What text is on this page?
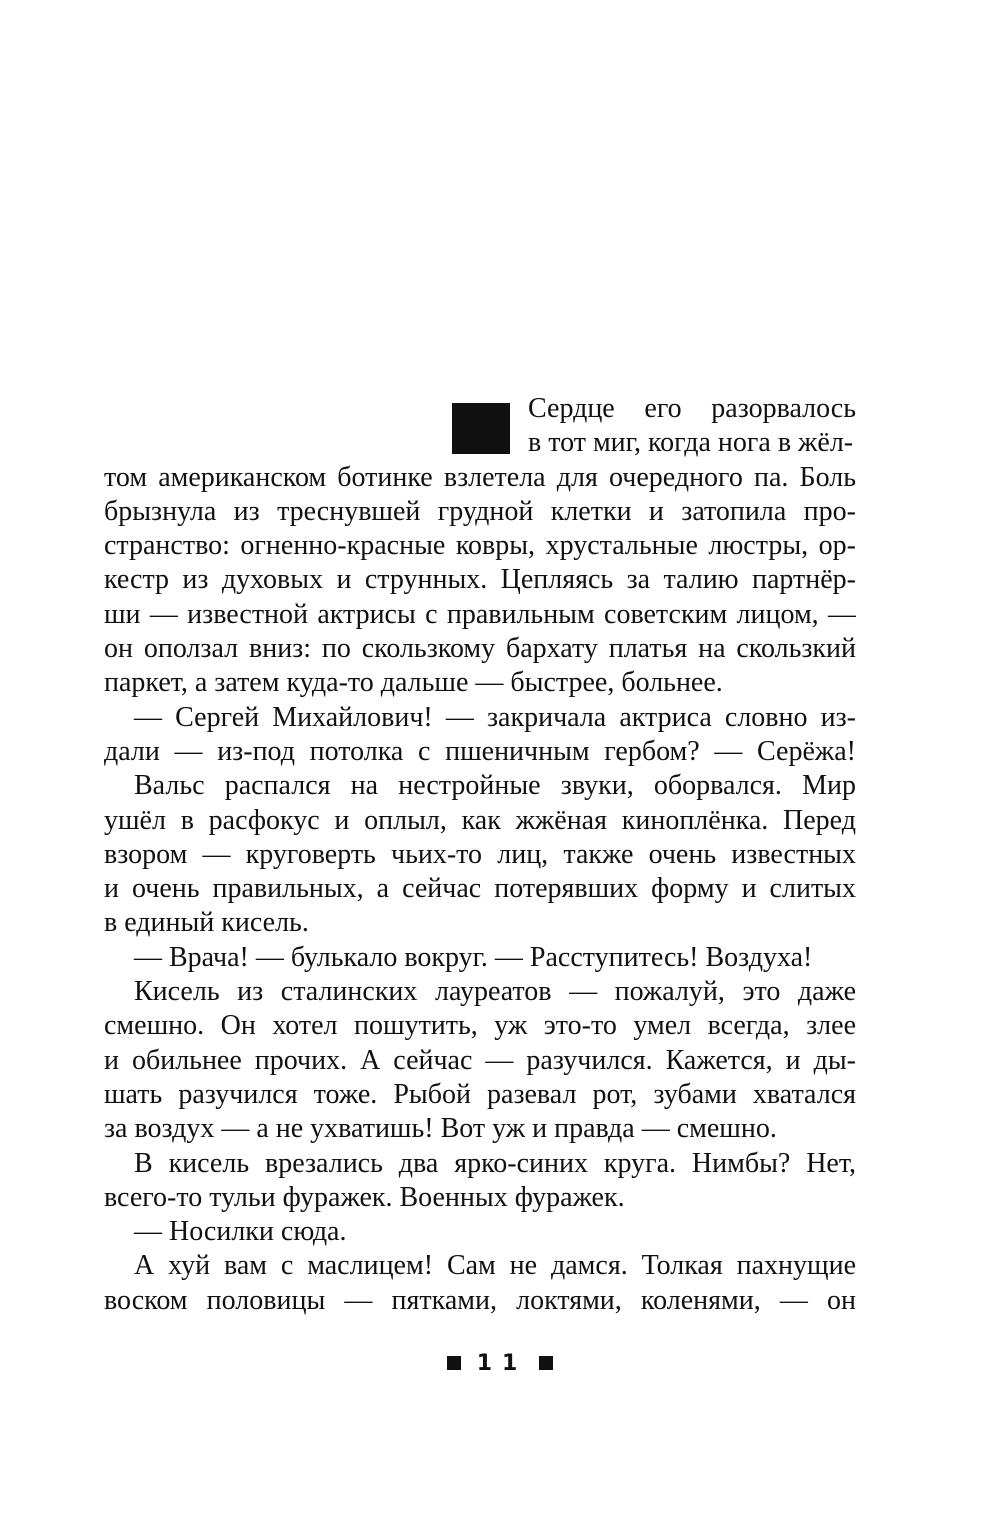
Сердце его разорвалось
в тот миг, когда нога в жёл-
том американском ботинке взлетела для очередного па. Боль
брызнула из треснувшей грудной клетки и затопила про-
странство: огненно-красные ковры, хрустальные люстры, ор-
кестр из духовых и струнных. Цепляясь за талию партнёр-
ши — известной актрисы с правильным советским лицом, —
он оползал вниз: по скользкому бархату платья на скользкий
паркет, а затем куда-то дальше — быстрее, больнее.
— Сергей Михайлович! — закричала актриса словно из-
дали — из-под потолка с пшеничным гербом? — Серёжа!
Вальс распался на нестройные звуки, оборвался. Мир
ушёл в расфокус и оплыл, как жжёная киноплёнка. Перед
взором — круговерть чьих-то лиц, также очень известных
и очень правильных, а сейчас потерявших форму и слитых
в единый кисель.
— Врача! — булькало вокруг. — Расступитесь! Воздуха!
Кисель из сталинских лауреатов — пожалуй, это даже
смешно. Он хотел пошутить, уж это-то умел всегда, злее
и обильнее прочих. А сейчас — разучился. Кажется, и ды-
шать разучился тоже. Рыбой разевал рот, зубами хватался
за воздух — а не ухватишь! Вот уж и правда — смешно.
В кисель врезались два ярко-синих круга. Нимбы? Нет,
всего-то тульи фуражек. Военных фуражек.
— Носилки сюда.
А хуй вам с маслицем! Сам не дамся. Толкая пахнущие
воском половицы — пятками, локтями, коленями, — он
11
